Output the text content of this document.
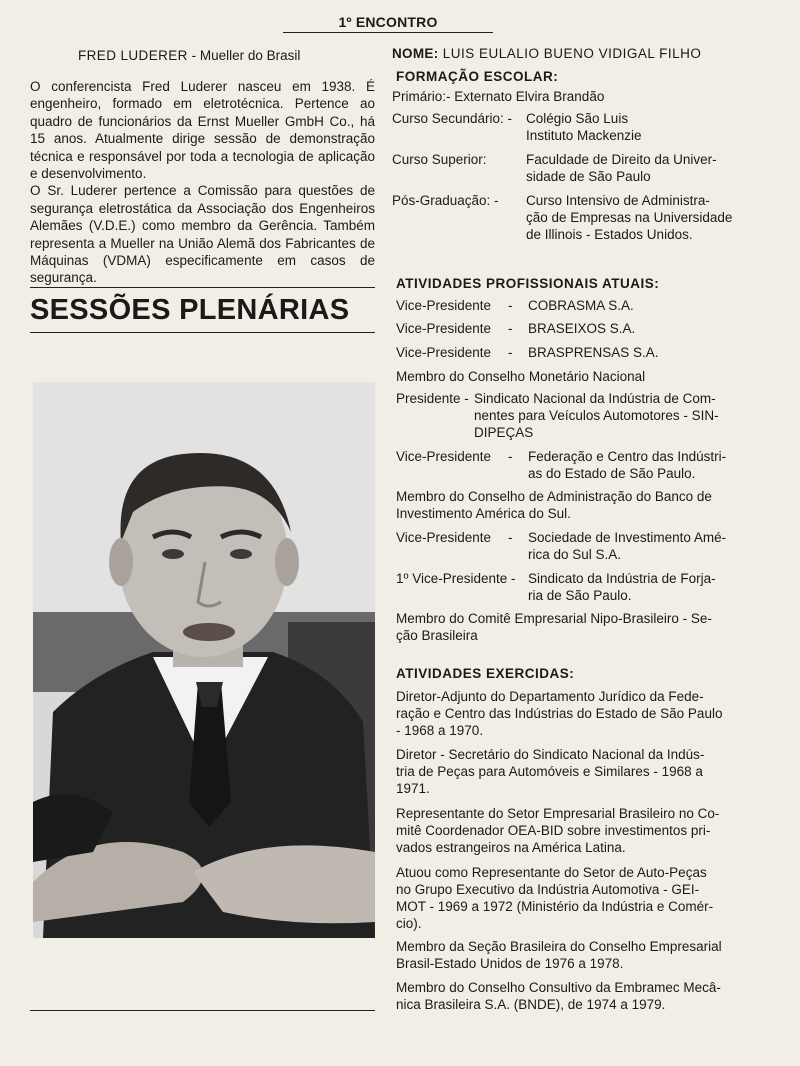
1º ENCONTRO
FRED LUDERER - Mueller do Brasil

O conferencista Fred Luderer nasceu em 1938. É engenheiro, formado em eletrotécnica. Pertence ao quadro de funcionários da Ernst Mueller GmbH Co., há 15 anos. Atualmente dirige sessão de demonstração técnica e responsável por toda a tecnologia de aplicação e desenvolvimento.

O Sr. Luderer pertence a Comissão para questões de segurança eletrostática da Associação dos Engenheiros Alemães (V.D.E.) como membro da Gerência. Também representa a Mueller na União Alemã dos Fabricantes de Máquinas (VDMA) especificamente em casos de segurança.

SESSÕES PLENÁRIAS
NOME: LUIS EULALIO BUENO VIDIGAL FILHO
FORMAÇÃO ESCOLAR:
Primário:- Externato Elvira Brandão
Curso Secundário: - Colégio São Luis
Instituto Mackenzie
Curso Superior:	Faculdade de Direito da Univer-
sidade de São Paulo
Pós-Graduação: - Curso Intensivo de Administra-
ção de Empresas na Universidade
de Illinois - Estados Unidos.
ATIVIDADES PROFISSIONAIS ATUAIS:
Vice-Presidente - COBRASMA S.A.
Vice-Presidente - BRASEIXOS S.A.
Vice-Presidente - BRASPRENSAS S.A.
Membro do Conselho Monetário Nacional
Presidente - Sindicato Nacional da Indústria de Com-
nentes para Veículos Automotores - SIN-
DIPEÇAS
Vice-Presidente - Federação e Centro das Indústri-
as do Estado de São Paulo.
Membro do Conselho de Administração do Banco de
Investimento América do Sul.
Vice-Presidente - Sociedade de Investimento Amé-
rica do Sul S.A.
1º Vice-Presidente - Sindicato da Indústria de Forja-
ria de São Paulo.
Membro do Comitê Empresarial Nipo-Brasileiro - Se-
ção Brasileira
ATIVIDADES EXERCIDAS:
Diretor-Adjunto do Departamento Jurídico da Fede-
ração e Centro das Indústrias do Estado de São Paulo
- 1968 a 1970.
Diretor - Secretário do Sindicato Nacional da Indús-
tria de Peças para Automóveis e Similares - 1968 a
1971.
Representante do Setor Empresarial Brasileiro no Co-
mitê Coordenador OEA-BID sobre investimentos pri-
vados estrangeiros na América Latina.
Atuou como Representante do Setor de Auto-Peças
no Grupo Executivo da Indústria Automotiva - GEI-
MOT - 1969 a 1972 (Ministério da Indústria e Comér-
cio).
Membro da Seção Brasileira do Conselho Empresarial
Brasil-Estado Unidos de 1976 a 1978.
Membro do Conselho Consultivo da Embramec Mecâ-
nica Brasileira S.A. (BNDE), de 1974 a 1979.
